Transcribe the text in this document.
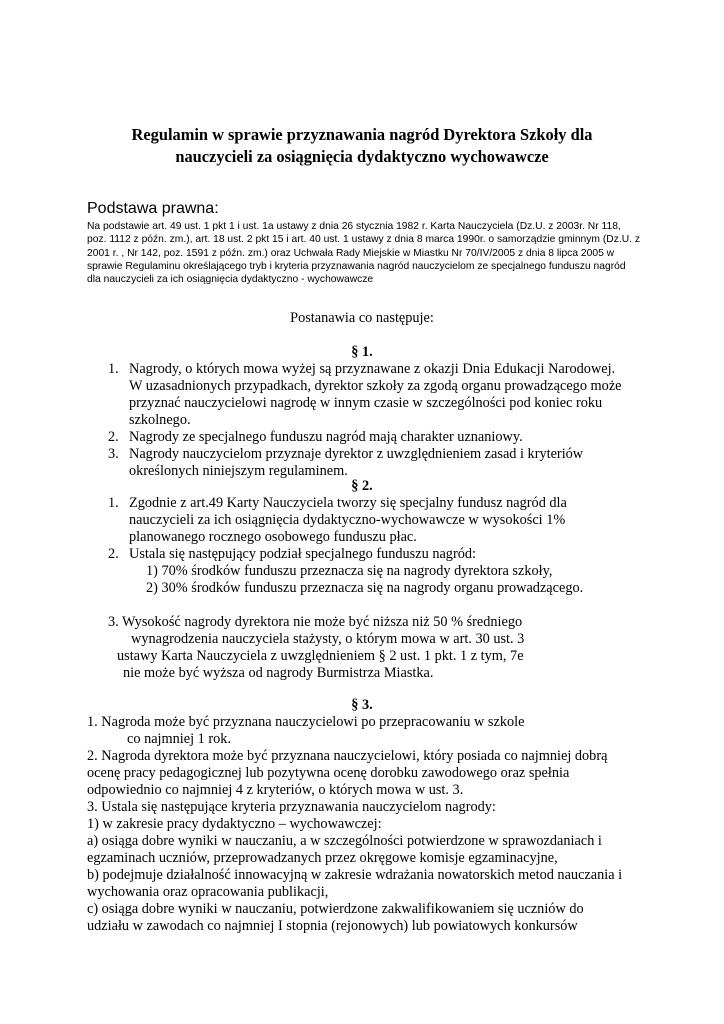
Regulamin w sprawie przyznawania nagród Dyrektora Szkoły dla
nauczycieli za osiągnięcia dydaktyczno wychowawcze
Podstawa prawna:
Na podstawie art. 49 ust. 1 pkt 1 i ust. 1a ustawy z dnia 26 stycznia 1982 r. Karta Nauczyciela (Dz.U. z 2003r. Nr 118, poz. 1112 z późn. zm.), art. 18 ust. 2 pkt 15 i art. 40 ust. 1 ustawy z dnia 8 marca 1990r. o samorządzie gminnym (Dz.U. z 2001 r. , Nr 142, poz. 1591 z późn. zm.) oraz Uchwała Rady Miejskie w Miastku Nr 70/IV/2005 z dnia 8 lipca 2005 w sprawie Regulaminu określającego tryb i kryteria przyznawania nagród nauczycielom ze specjalnego funduszu nagród dla nauczycieli za ich osiągnięcia dydaktyczno - wychowawcze
Postanawia co następuje:
§ 1.
1. Nagrody, o których mowa wyżej są przyznawane z okazji Dnia Edukacji Narodowej.
W uzasadnionych przypadkach, dyrektor szkoły za zgodą organu prowadzącego może
przyznać nauczycielowi nagrodę w innym czasie w szczególności pod koniec roku
szkolnego.
2. Nagrody ze specjalnego funduszu nagród mają charakter uznaniowy.
3. Nagrody nauczycielom przyznaje dyrektor z uwzględnieniem zasad i kryteriów
określonych niniejszym regulaminem.
§ 2.
1. Zgodnie z art.49 Karty Nauczyciela tworzy się specjalny fundusz nagród dla
nauczycieli za ich osiągnięcia dydaktyczno-wychowawcze w wysokości 1%
planowanego rocznego osobowego funduszu płac.
2. Ustala się następujący podział specjalnego funduszu nagród:
1) 70% środków funduszu przeznacza się na nagrody dyrektora szkoły,
2) 30% środków funduszu przeznacza się na nagrody organu prowadzącego.
3. Wysokość nagrody dyrektora nie może być niższa niż 50 % średniego
wynagrodzenia nauczyciela stażysty, o którym mowa w art. 30 ust. 3
ustawy Karta Nauczyciela z uwzględnieniem § 2 ust. 1 pkt. 1 z tym, 7e
nie może być wyższa od nagrody Burmistrza Miastka.
§ 3.
1. Nagroda może być przyznana nauczycielowi po przepracowaniu w szkole
co najmniej 1 rok.
2. Nagroda dyrektora może być przyznana nauczycielowi, który posiada co najmniej dobrą
ocenę pracy pedagogicznej lub pozytywna ocenę dorobku zawodowego oraz spełnia
odpowiednio co najmniej 4 z kryteriów, o których mowa w ust. 3.
3. Ustala się następujące kryteria przyznawania nauczycielom nagrody:
1) w zakresie pracy dydaktyczno – wychowawczej:
a) osiąga dobre wyniki w nauczaniu, a w szczególności potwierdzone w sprawozdaniach i
egzaminach uczniów, przeprowadzanych przez okręgowe komisje egzaminacyjne,
b) podejmuje działalność innowacyjną w zakresie wdrażania nowatorskich metod nauczania i
wychowania oraz opracowania publikacji,
c) osiąga dobre wyniki w nauczaniu, potwierdzone zakwalifikowaniem się uczniów do
udziału w zawodach co najmniej I stopnia (rejonowych) lub powiatowych konkursów
